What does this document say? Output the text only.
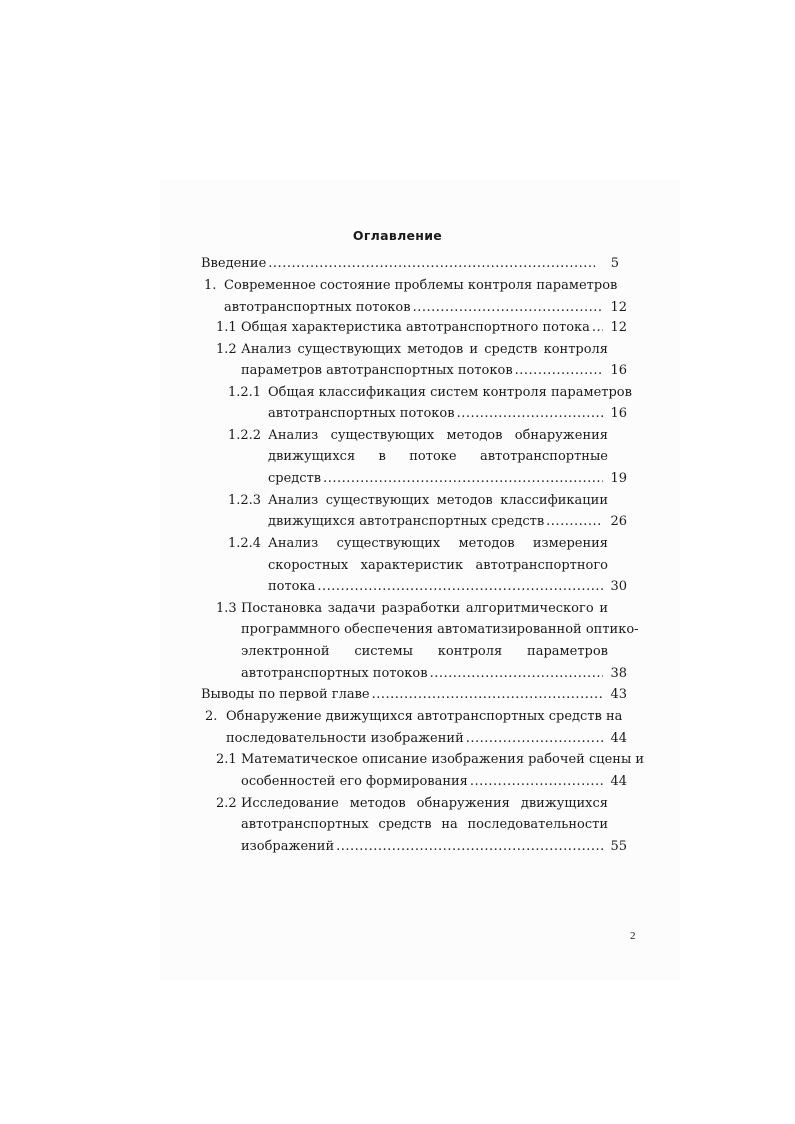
Оглавление
Введение .....	5
1. Современное состояние проблемы контроля параметров
автотранспортных потоков .....	12
1.1 Общая характеристика автотранспортного потока .....	12
1.2 Анализ существующих методов и средств контроля
параметров автотранспортных потоков .....	16
1.2.1 Общая классификация систем контроля параметров
автотранспортных потоков .....	16
1.2.2 Анализ существующих методов обнаружения
движущихся в потоке автотранспортные
средств .....	19
1.2.3 Анализ существующих методов классификации
движущихся автотранспортных средств .....	26
1.2.4 Анализ существующих методов измерения
скоростных характеристик автотранспортного
потока .....	30
1.3 Постановка задачи разработки алгоритмического и
программного обеспечения автоматизированной оптико-
электронной системы контроля параметров
автотранспортных потоков .....	38
Выводы по первой главе .....	43
2. Обнаружение движущихся автотранспортных средств на
последовательности изображений .....	44
2.1 Математическое описание изображения рабочей сцены и
особенностей его формирования .....	44
2.2 Исследование методов обнаружения движущихся
автотранспортных средств на последовательности
изображений .....	55
2
